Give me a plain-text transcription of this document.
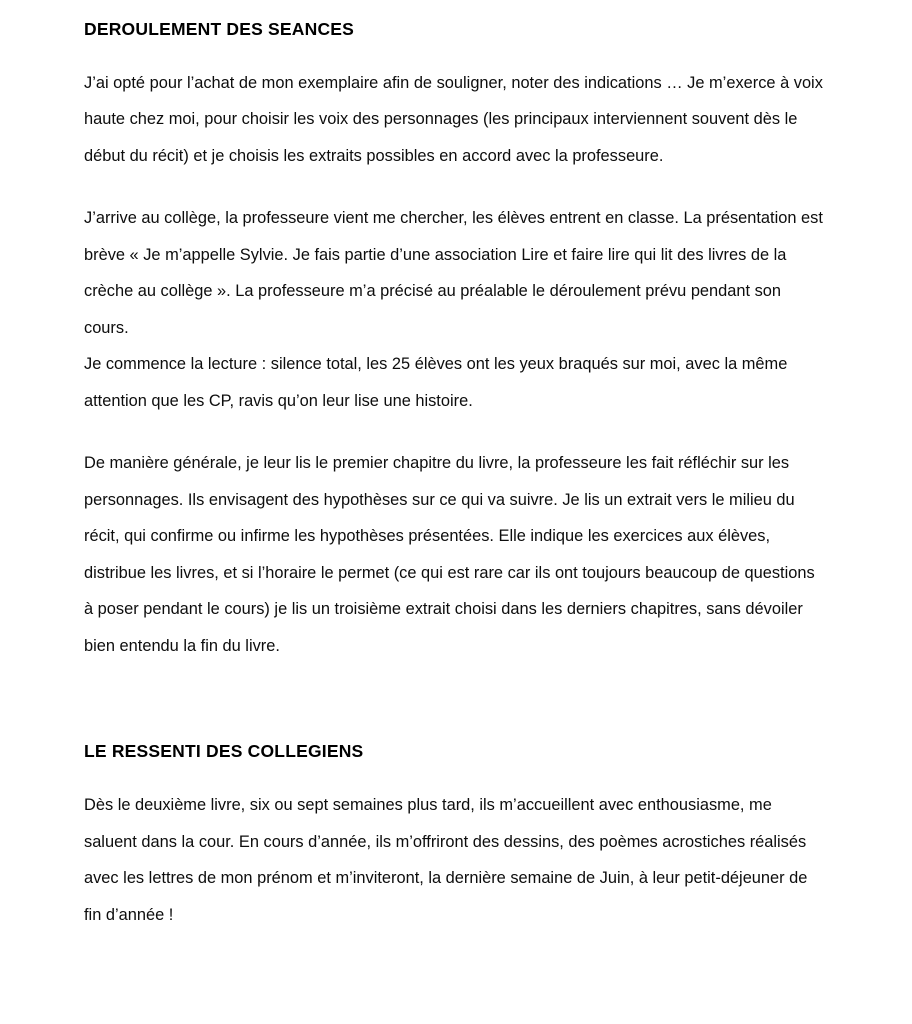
DEROULEMENT DES SEANCES

J’ai opté pour l’achat de mon exemplaire afin de souligner, noter des indications … Je m’exerce à voix haute chez moi, pour choisir les voix des personnages (les principaux interviennent souvent dès le début du récit) et je choisis les extraits possibles en accord avec la professeure.

J’arrive au collège, la professeure vient me chercher, les élèves entrent en classe. La présentation est brève « Je m’appelle Sylvie. Je fais partie d’une association Lire et faire lire qui lit des livres de la crèche au collège ». La professeure m’a précisé au préalable le déroulement prévu pendant son cours.

Je commence la lecture : silence total, les 25 élèves ont les yeux braqués sur moi, avec la même attention que les CP, ravis qu’on leur lise une histoire.

De manière générale, je leur lis le premier chapitre du livre, la professeure les fait réfléchir sur les personnages. Ils envisagent des hypothèses sur ce qui va suivre. Je lis un extrait vers le milieu du récit, qui confirme ou infirme les hypothèses présentées. Elle indique les exercices aux élèves, distribue les livres, et si l’horaire le permet (ce qui est rare car ils ont toujours beaucoup de questions à poser pendant le cours) je lis un troisième extrait choisi dans les derniers chapitres, sans dévoiler bien entendu la fin du livre.

LE RESSENTI DES COLLEGIENS

Dès le deuxième livre, six ou sept semaines plus tard, ils m’accueillent avec enthousiasme, me saluent dans la cour. En cours d’année, ils m’offriront des dessins, des poèmes acrostiches réalisés avec les lettres de mon prénom et m’inviteront, la dernière semaine de Juin, à leur petit-déjeuner de fin d’année !
